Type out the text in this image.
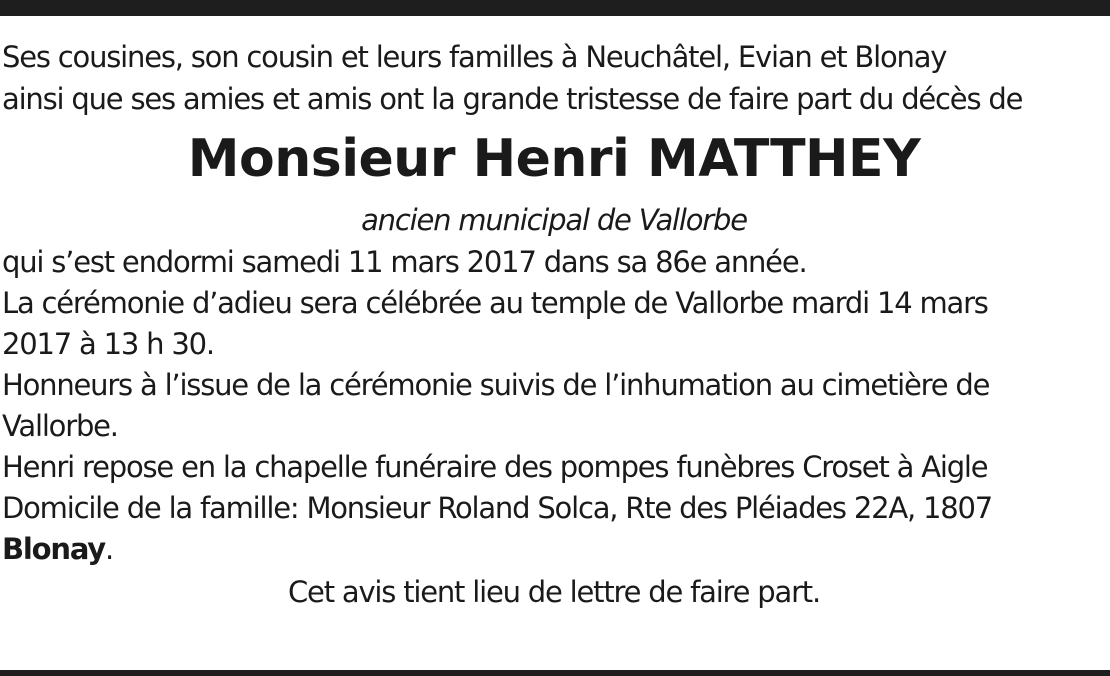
Ses cousines, son cousin et leurs familles à Neuchâtel, Evian et Blonay

ainsi que ses amies et amis ont la grande tristesse de faire part du décès de

Monsieur Henri MATTHEY

ancien municipal de Vallorbe

qui s’est endormi samedi 11 mars 2017 dans sa 86e année.
La cérémonie d’adieu sera célébrée au temple de Vallorbe mardi 14 mars
2017 à 13 h 30.
Honneurs à l’issue de la cérémonie suivis de l’inhumation au cimetière de
Vallorbe.
Henri repose en la chapelle funéraire des pompes funèbres Croset à Aigle
Domicile de la famille: Monsieur Roland Solca, Rte des Pléiades 22A, 1807
Blonay.

Cet avis tient lieu de lettre de faire part.
